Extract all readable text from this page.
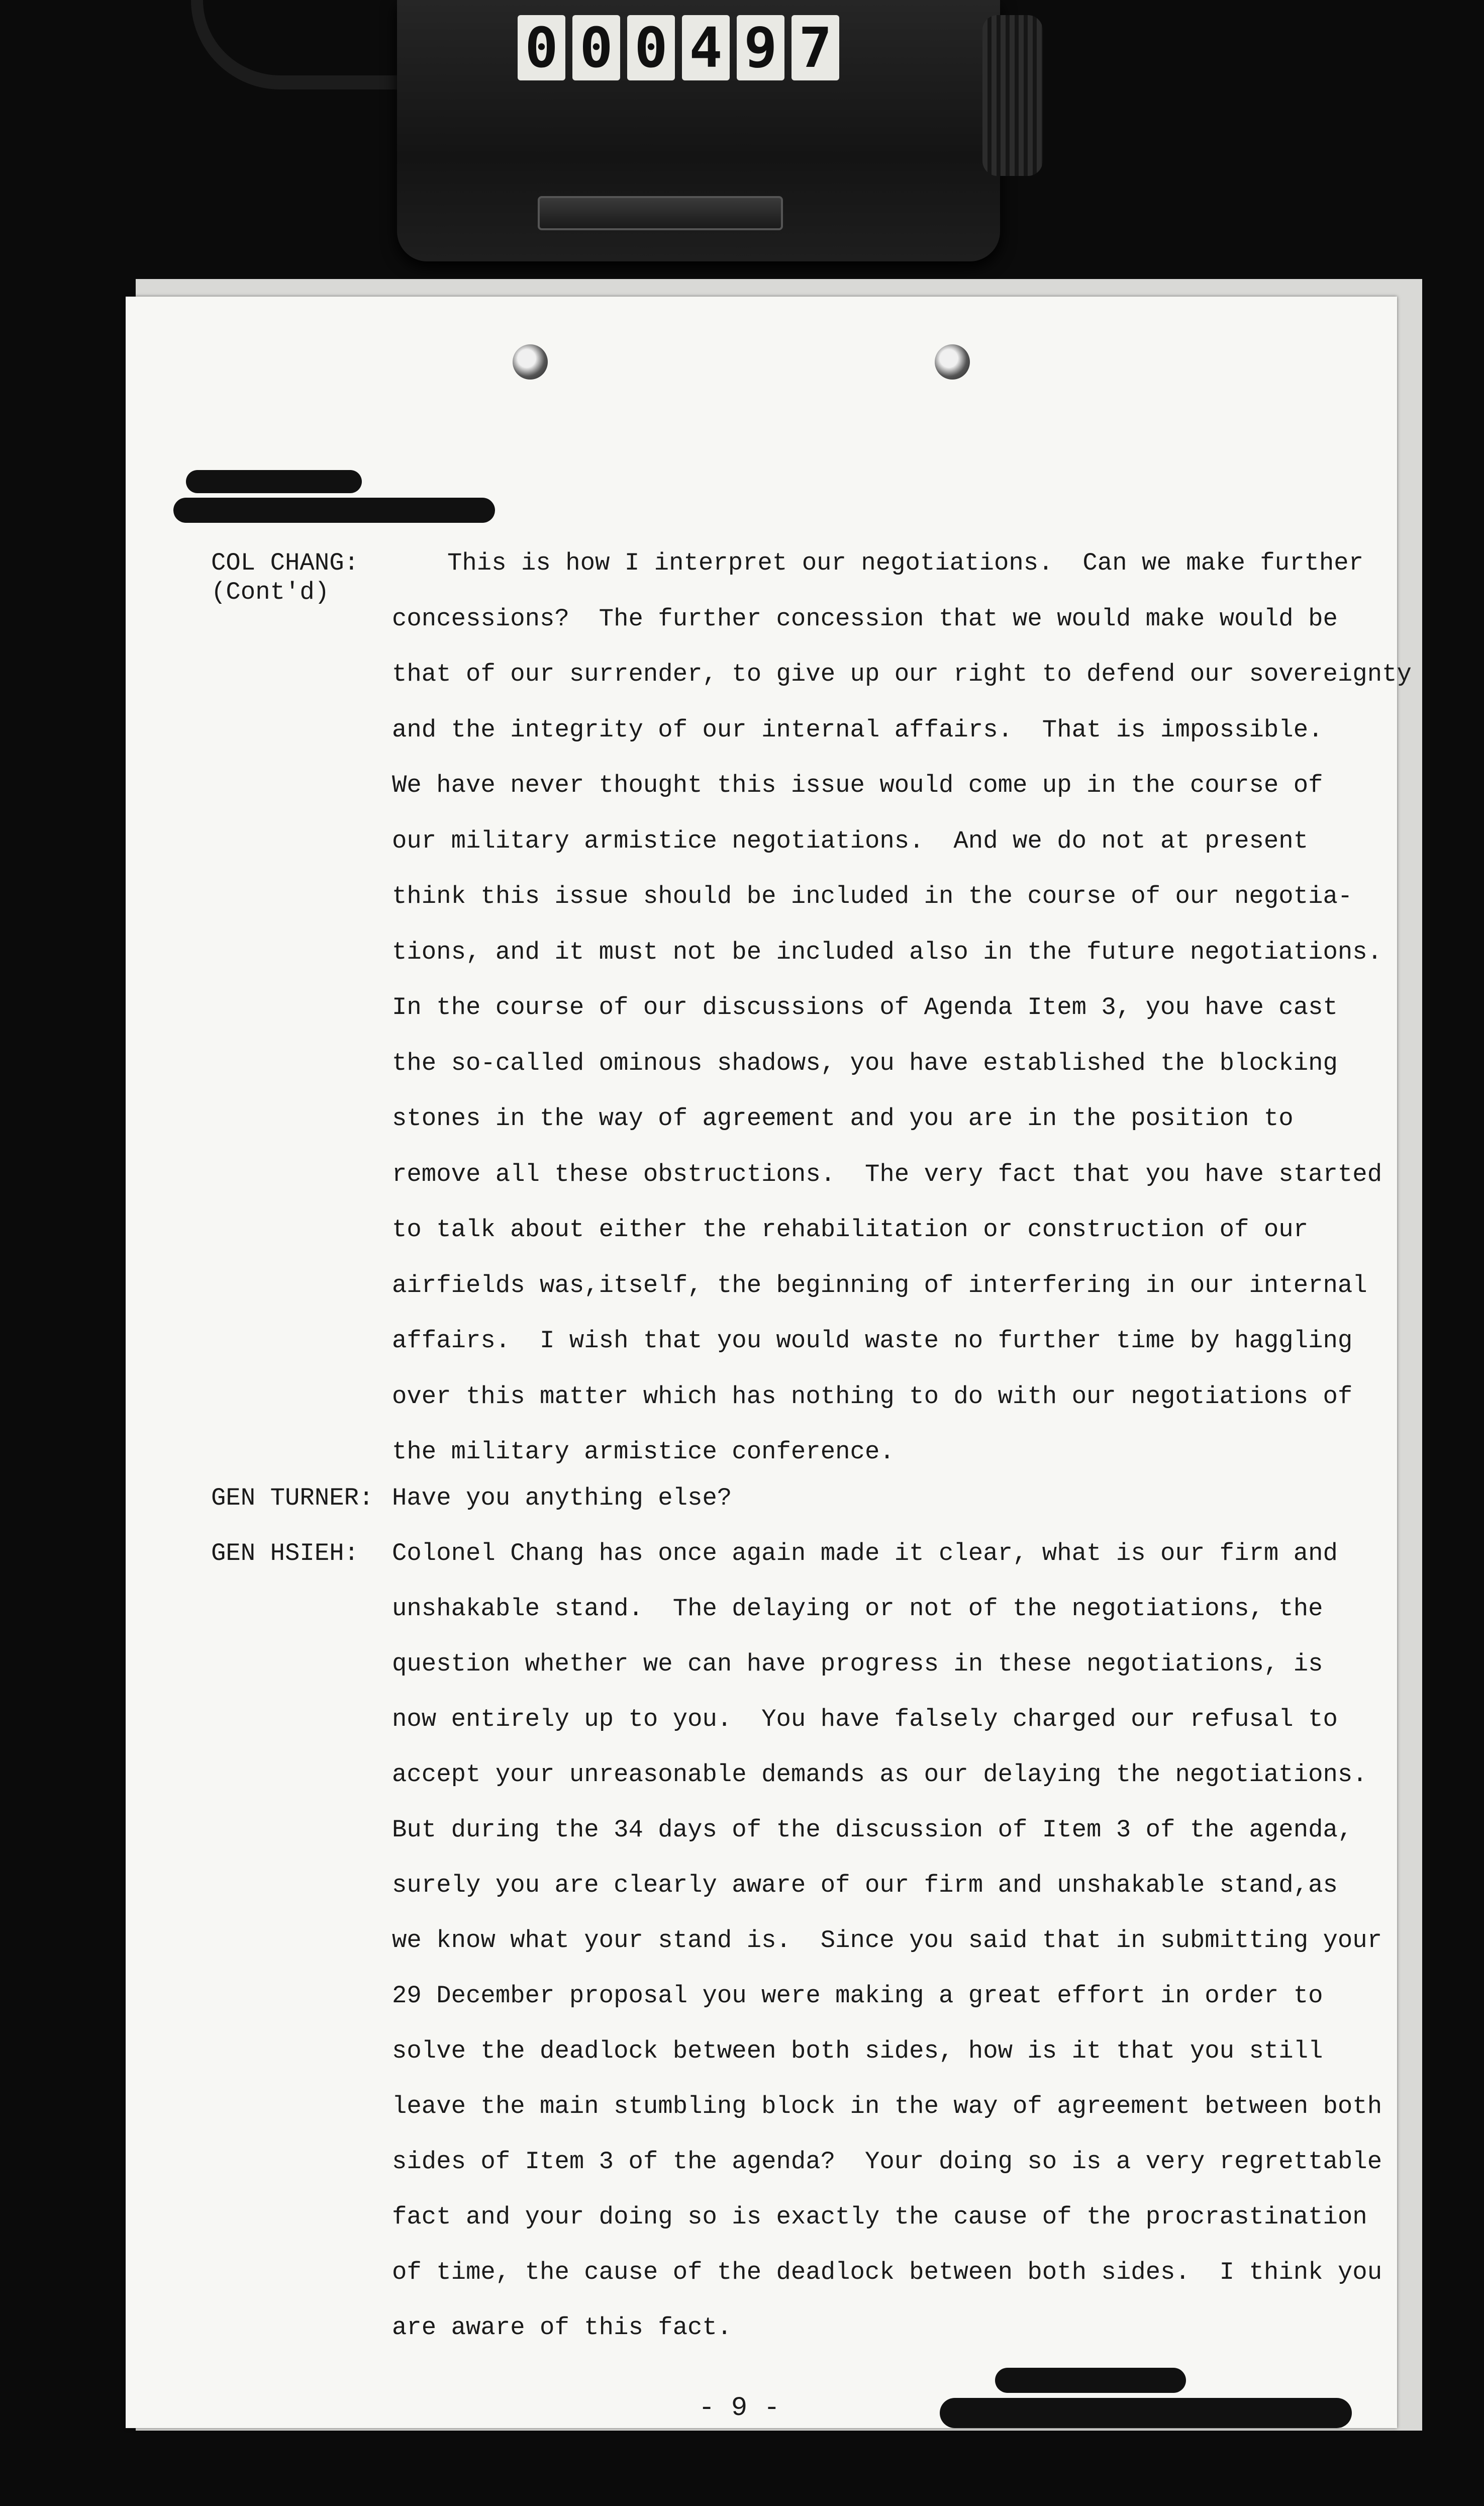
0 0 0 4 9 7
COL CHANG:
(Cont'd)
This is how I interpret our negotiations.  Can we make further
concessions?  The further concession that we would make would be
that of our surrender, to give up our right to defend our sovereignty
and the integrity of our internal affairs.  That is impossible.
We have never thought this issue would come up in the course of
our military armistice negotiations.  And we do not at present
think this issue should be included in the course of our negotia-
tions, and it must not be included also in the future negotiations.
In the course of our discussions of Agenda Item 3, you have cast
the so-called ominous shadows, you have established the blocking
stones in the way of agreement and you are in the position to
remove all these obstructions.  The very fact that you have started
to talk about either the rehabilitation or construction of our
airfields was,itself, the beginning of interfering in our internal
affairs.  I wish that you would waste no further time by haggling
over this matter which has nothing to do with our negotiations of
the military armistice conference.
GEN TURNER: Have you anything else?
GEN HSIEH: Colonel Chang has once again made it clear, what is our firm and
unshakable stand.  The delaying or not of the negotiations, the
question whether we can have progress in these negotiations, is
now entirely up to you.  You have falsely charged our refusal to
accept your unreasonable demands as our delaying the negotiations.
But during the 34 days of the discussion of Item 3 of the agenda,
surely you are clearly aware of our firm and unshakable stand,as
we know what your stand is.  Since you said that in submitting your
29 December proposal you were making a great effort in order to
solve the deadlock between both sides, how is it that you still
leave the main stumbling block in the way of agreement between both
sides of Item 3 of the agenda?  Your doing so is a very regrettable
fact and your doing so is exactly the cause of the procrastination
of time, the cause of the deadlock between both sides.  I think you
are aware of this fact.
- 9 -
